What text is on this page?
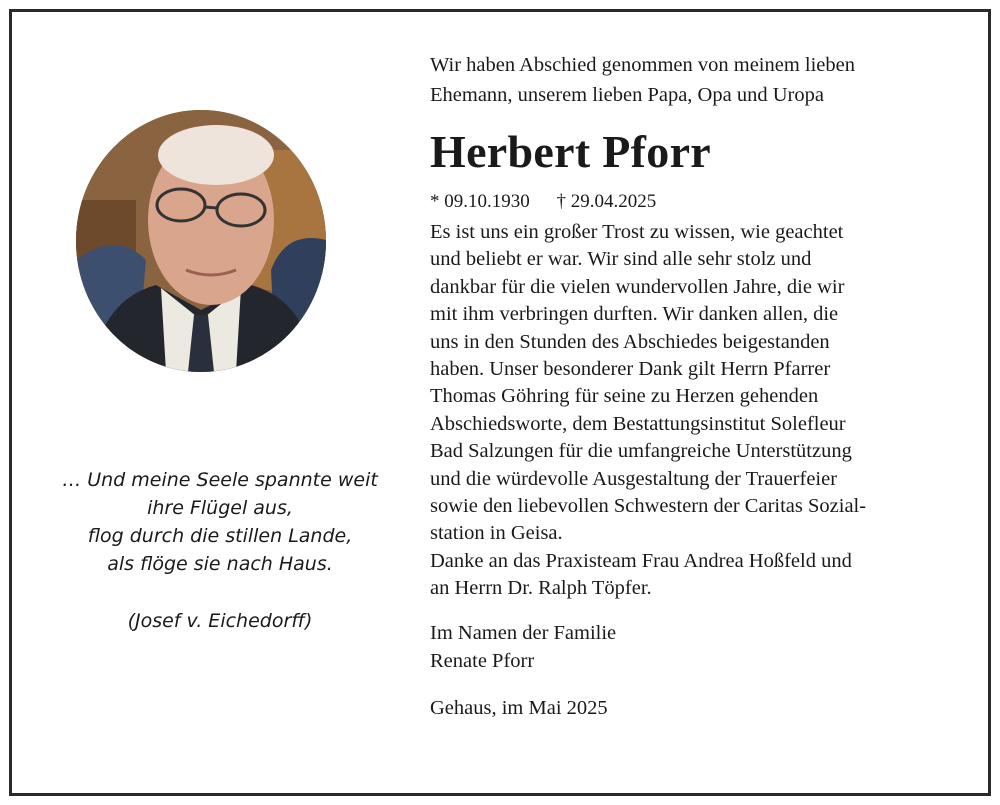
… Und meine Seele spannte weit
ihre Flügel aus,
flog durch die stillen Lande,
als flöge sie nach Haus.
(Josef v. Eichedorff)
Wir haben Abschied genommen von meinem lieben
Ehemann, unserem lieben Papa, Opa und Uropa
Herbert Pforr
* 09.10.1930 † 29.04.2025
Es ist uns ein großer Trost zu wissen, wie geachtet
und beliebt er war. Wir sind alle sehr stolz und
dankbar für die vielen wundervollen Jahre, die wir
mit ihm verbringen durften. Wir danken allen, die
uns in den Stunden des Abschiedes beigestanden
haben. Unser besonderer Dank gilt Herrn Pfarrer
Thomas Göhring für seine zu Herzen gehenden
Abschiedsworte, dem Bestattungsinstitut Solefleur
Bad Salzungen für die umfangreiche Unterstützung
und die würdevolle Ausgestaltung der Trauerfeier
sowie den liebevollen Schwestern der Caritas Sozial-
station in Geisa.
Danke an das Praxisteam Frau Andrea Hoßfeld und
an Herrn Dr. Ralph Töpfer.
Im Namen der Familie
Renate Pforr
Gehaus, im Mai 2025
